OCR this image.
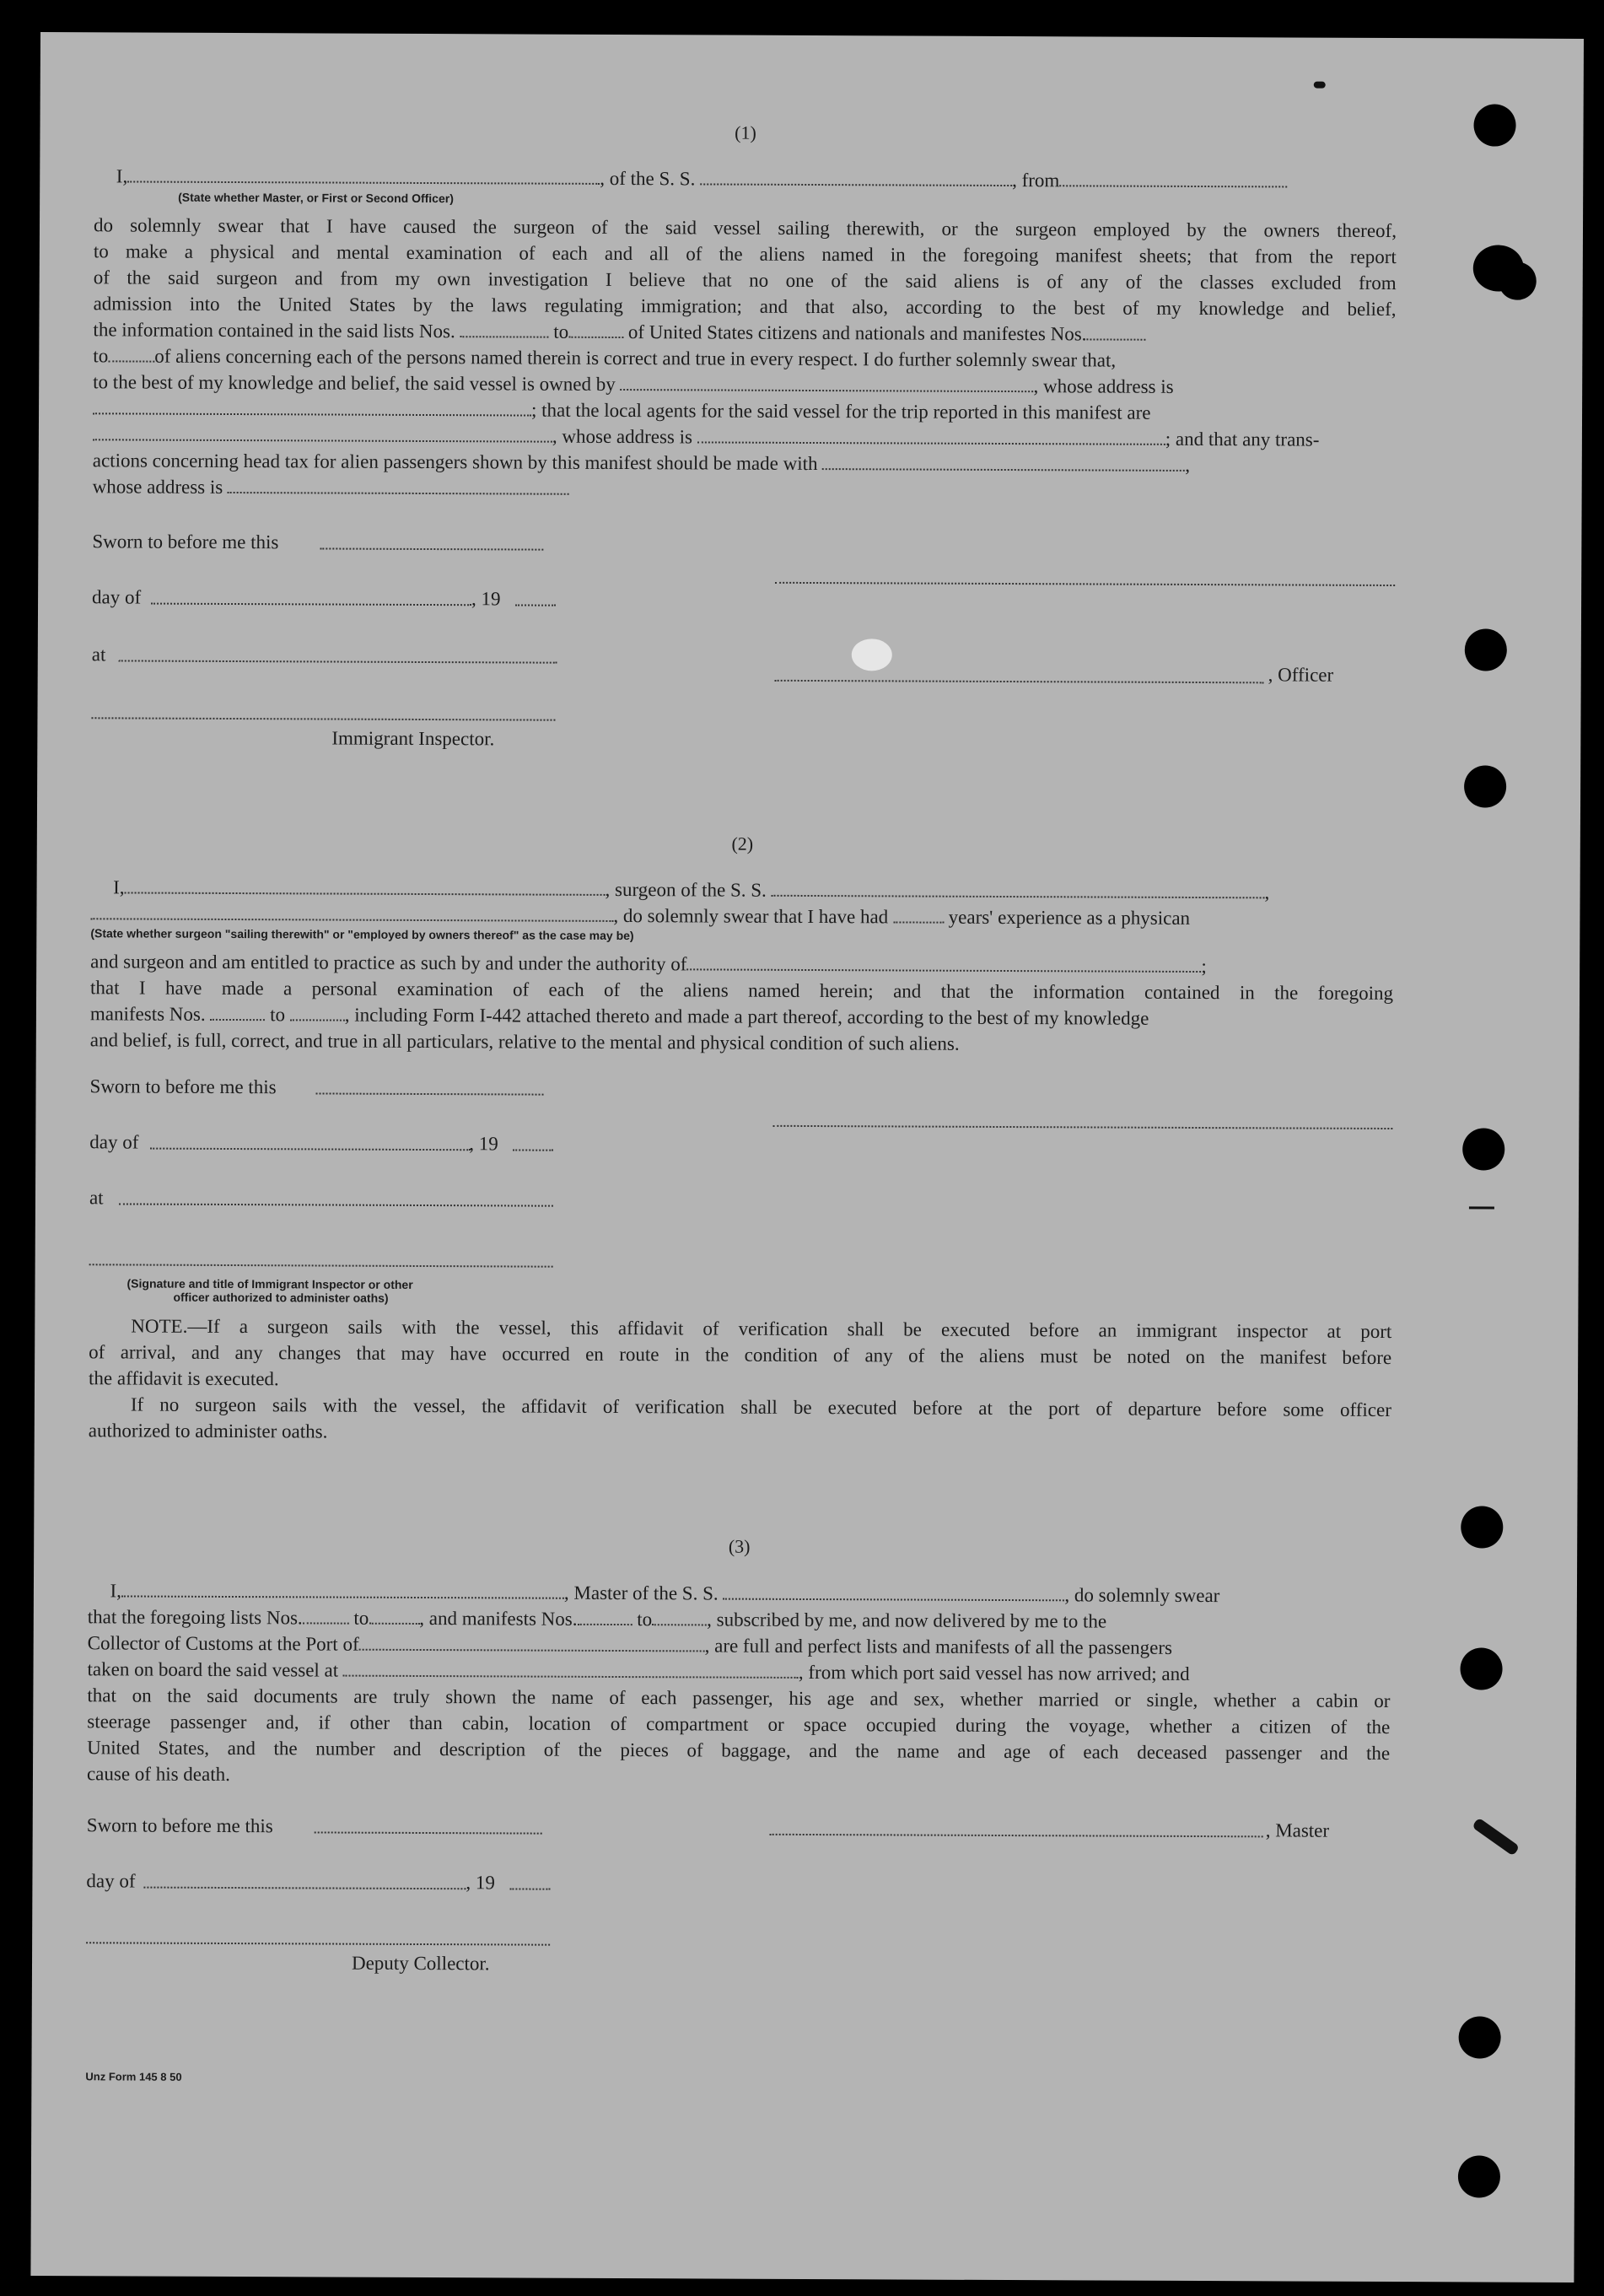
(1)
I,	, of the S. S.	, from
(State whether Master, or First or Second Officer)
do solemnly swear that I have caused the surgeon of the said vessel sailing therewith, or the surgeon employed by the owners thereof,
to make a physical and mental examination of each and all of the aliens named in the foregoing manifest sheets; that from the report
of the said surgeon and from my own investigation I believe that no one of the said aliens is of any of the classes excluded from
admission into the United States by the laws regulating immigration; and that also, according to the best of my knowledge and belief,
the information contained in the said lists Nos.	to	of United States citizens and nationals and manifestes Nos.
to of aliens concerning each of the persons named therein is correct and true in every respect. I do further solemnly swear that,
to the best of my knowledge and belief, the said vessel is owned by	, whose address is
; that the local agents for the said vessel for the trip reported in this manifest are
, whose address is	; and that any trans-
actions concerning head tax for alien passengers shown by this manifest should be made with	,
whose address is
Sworn to before me this
day of	, 19
at
, Officer
Immigrant Inspector.
(2)
I,	, surgeon of the S. S.	,
, do solemnly swear that I have had	years' experience as a physican
(State whether surgeon "sailing therewith" or "employed by owners thereof" as the case may be)
and surgeon and am entitled to practice as such by and under the authority of	;
that I have made a personal examination of each of the aliens named herein; and that the information contained in the foregoing
manifests Nos.	to	, including Form I-442 attached thereto and made a part thereof, according to the best of my knowledge
and belief, is full, correct, and true in all particulars, relative to the mental and physical condition of such aliens.
Sworn to before me this
day of	, 19
at
(Signature and title of Immigrant Inspector or other
officer authorized to administer oaths)
NOTE.—If a surgeon sails with the vessel, this affidavit of verification shall be executed before an immigrant inspector at port
of arrival, and any changes that may have occurred en route in the condition of any of the aliens must be noted on the manifest before
the affidavit is executed.
If no surgeon sails with the vessel, the affidavit of verification shall be executed before at the port of departure before some officer
authorized to administer oaths.
(3)
I,	, Master of the S. S.	, do solemnly swear
that the foregoing lists Nos.	to	, and manifests Nos.	to	, subscribed by me, and now delivered by me to the
Collector of Customs at the Port of	, are full and perfect lists and manifests of all the passengers
taken on board the said vessel at	, from which port said vessel has now arrived; and
that on the said documents are truly shown the name of each passenger, his age and sex, whether married or single, whether a cabin or
steerage passenger and, if other than cabin, location of compartment or space occupied during the voyage, whether a citizen of the
United States, and the number and description of the pieces of baggage, and the name and age of each deceased passenger and the
cause of his death.
Sworn to before me this	, Master
day of	, 19
Deputy Collector.
Unz Form 145 8 50
